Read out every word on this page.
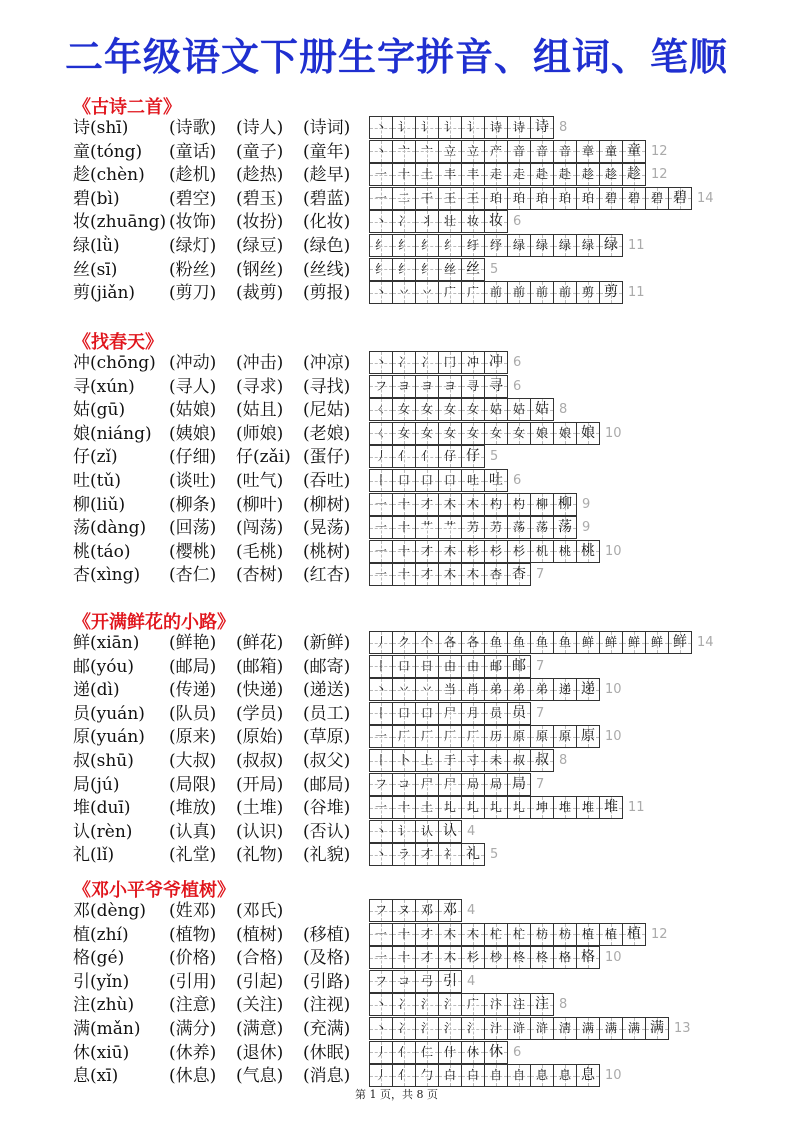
二年级语文下册生字拼音、组词、笔顺
《古诗二首》
诗(shī) (诗歌) (诗人) (诗词)	丶 讠 讠 讠 讠 诗 诗 诗 8
童(tóng) (童话) (童子) (童年)	丶 亠 亠 立 立 产 音 音 音 章 童 童 12
趁(chèn) (趁机) (趁热) (趁早)	一 十 土 丰 丰 走 走 赴 赴 趁 趁 趁 12
碧(bì)	(碧空) (碧玉) (碧蓝)	一 二 干 王 王 珀 珀 珀 珀 珀 碧 碧 碧 碧 14
妆(zhuāng) (妆饰) (妆扮) (化妆)	丶 冫 丬 壮 妆 妆 6
绿(lǜ)	(绿灯) (绿豆) (绿色)	纟 纟 纟 纟 纡 纾 绿 绿 绿 绿 绿 11
丝(sī)	(粉丝) (钢丝) (丝线)	纟 纟 纟 丝 丝 5
剪(jiǎn) (剪刀) (裁剪) (剪报)	丶 丷 丷 广 广 前 前 前 前 剪 剪 11
《找春天》
冲(chōng) (冲动) (冲击) (冲凉)	丶 冫 冫 冂 冲 冲 6
寻(xún) (寻人) (寻求) (寻找)	フ ヨ ヨ ヨ 寻 寻 6
姑(gū)	(姑娘) (姑且) (尼姑)	ㄑ 女 女 女 女 姑 姑 姑 8
娘(niáng) (姨娘) (师娘) (老娘)	ㄑ 女 女 女 女 女 女 娘 娘 娘 10
仔(zǐ)	(仔细) 仔(zǎi) (蛋仔)	丿 亻 亻 仔 仔 5
吐(tǔ)	(谈吐) (吐气) (吞吐)	丨 口 口 口 吐 吐 6
柳(liǔ)	(柳条) (柳叶) (柳树)	一 十 才 木 木 杓 杓 柳 柳 9
荡(dàng) (回荡) (闯荡) (晃荡)	一 十 艹 艹 芀 芀 荡 荡 荡 9
桃(táo) (樱桃) (毛桃) (桃树)	一 十 才 木 杉 杉 杉 机 桃 桃 10
杏(xìng) (杏仁) (杏树) (红杏)	一 十 才 木 木 杏 杏 7
《开满鲜花的小路》
鲜(xiān) (鲜艳) (鲜花) (新鲜)	丿 ク 个 各 各 鱼 鱼 鱼 鱼 鲜 鲜 鲜 鲜 鲜 14
邮(yóu) (邮局) (邮箱) (邮寄)	丨 口 日 由 由 邮 邮 7
递(dì)	(传递) (快递) (递送)	丶 丷 丷 当 肖 弟 弟 弟 递 递 10
员(yuán) (队员) (学员) (员工)	丨 口 口 尸 月 员 员 7
原(yuán) (原来) (原始) (草原)	一 厂 厂 厂 厂 历 原 原 原 原 10
叔(shū) (大叔) (叔叔) (叔父)	丨 卜 上 于 寸 未 叔 叔 8
局(jú)	(局限) (开局) (邮局)	フ コ 尸 尸 局 局 局 7
堆(duī) (堆放) (土堆) (谷堆)	一 十 土 圠 圠 圠 圠 坤 堆 堆 堆 11
认(rèn) (认真) (认识) (否认)	丶 讠 认 认 4
礼(lǐ)	(礼堂) (礼物) (礼貌)	丶 ラ 才 礻 礼 5
《邓小平爷爷植树》
邓(dèng) (姓邓) (邓氏)	フ ヌ 邓 邓 4
植(zhí) (植物) (植树) (移植)	一 十 才 木 木 杧 杧 枋 枋 植 植 植 12
格(gé)	(价格) (合格) (及格)	一 十 才 木 杉 杪 柊 柊 格 格 10
引(yǐn) (引用) (引起) (引路)	フ コ 弓 引 4
注(zhù) (注意) (关注) (注视)	丶 冫 氵 氵 广 汴 注 注 8
满(mǎn) (满分) (满意) (充满)	丶 冫 氵 氵 氵 汁 浒 浒 淸 满 满 满 满 13
休(xiū) (休养) (退休) (休眠)	丿 亻 仁 什 休 休 6
息(xī)	(休息) (气息) (消息)	丿 亻 勹 白 白 自 自 息 息 息 10
第 1 页，共 8 页
